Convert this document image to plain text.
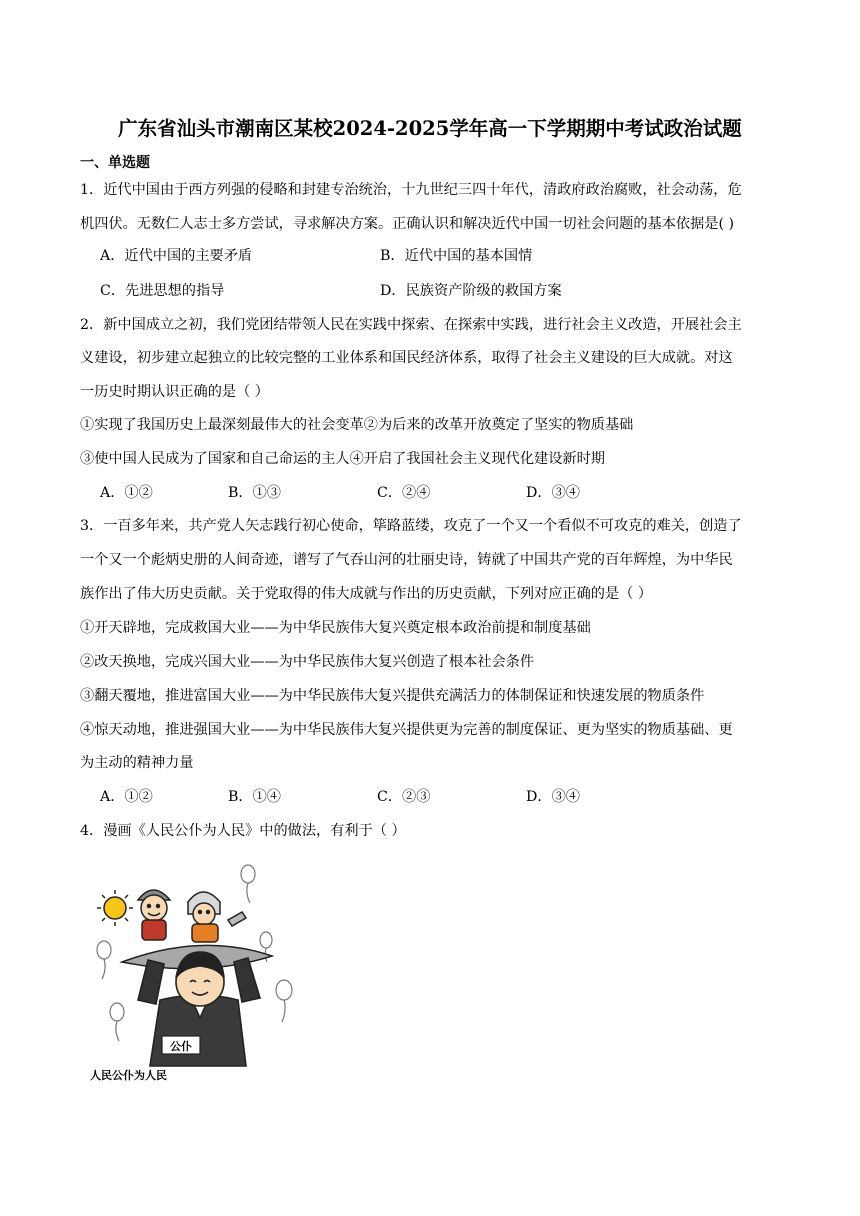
广东省汕头市潮南区某校2024-2025学年高一下学期期中考试政治试题
一、单选题
1．近代中国由于西方列强的侵略和封建专治统治，十九世纪三四十年代，清政府政治腐败，社会动荡，危
机四伏。无数仁人志士多方尝试，寻求解决方案。正确认识和解决近代中国一切社会问题的基本依据是( )
A．近代中国的主要矛盾	B．近代中国的基本国情
C．先进思想的指导	D．民族资产阶级的救国方案
2．新中国成立之初，我们党团结带领人民在实践中探索、在探索中实践，进行社会主义改造，开展社会主
义建设，初步建立起独立的比较完整的工业体系和国民经济体系，取得了社会主义建设的巨大成就。对这
一历史时期认识正确的是（ ）
①实现了我国历史上最深刻最伟大的社会变革②为后来的改革开放奠定了坚实的物质基础
③使中国人民成为了国家和自己命运的主人④开启了我国社会主义现代化建设新时期
A．①②	B．①③	C．②④	D．③④
3．一百多年来，共产党人矢志践行初心使命，筚路蓝缕，攻克了一个又一个看似不可攻克的难关，创造了
一个又一个彪炳史册的人间奇迹，谱写了气吞山河的壮丽史诗，铸就了中国共产党的百年辉煌，为中华民
族作出了伟大历史贡献。关于党取得的伟大成就与作出的历史贡献，下列对应正确的是（ ）
①开天辟地，完成救国大业——为中华民族伟大复兴奠定根本政治前提和制度基础
②改天换地，完成兴国大业——为中华民族伟大复兴创造了根本社会条件
③翻天覆地，推进富国大业——为中华民族伟大复兴提供充满活力的体制保证和快速发展的物质条件
④惊天动地，推进强国大业——为中华民族伟大复兴提供更为完善的制度保证、更为坚实的物质基础、更
为主动的精神力量
A．①②	B．①④	C．②③	D．③④
4．漫画《人民公仆为人民》中的做法，有利于（ ）
公仆
人民公仆为人民
